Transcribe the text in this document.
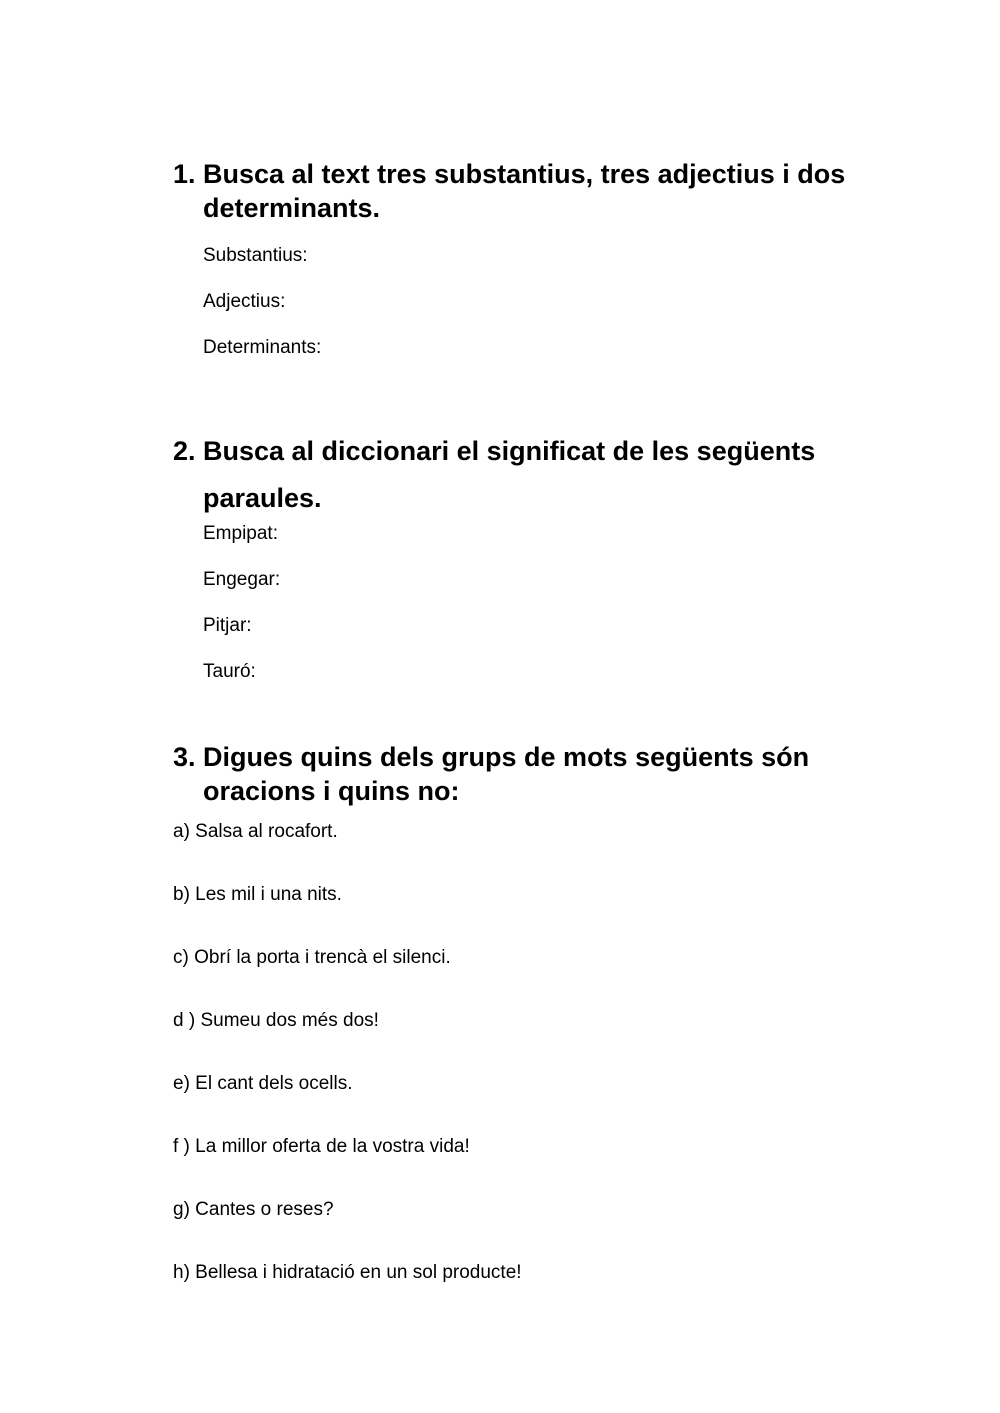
1. Busca al text tres substantius, tres adjectius i dos determinants.

Substantius:

Adjectius:

Determinants:

2. Busca al diccionari el significat de les següents
paraules.

Empipat:

Engegar:

Pitjar:

Tauró:

3. Digues quins dels grups de mots següents són oracions i quins no:

a) Salsa al rocafort.

b) Les mil i una nits.

c) Obrí la porta i trencà el silenci.

d ) Sumeu dos més dos!

e) El cant dels ocells.

f ) La millor oferta de la vostra vida!

g) Cantes o reses?

h) Bellesa i hidratació en un sol producte!
